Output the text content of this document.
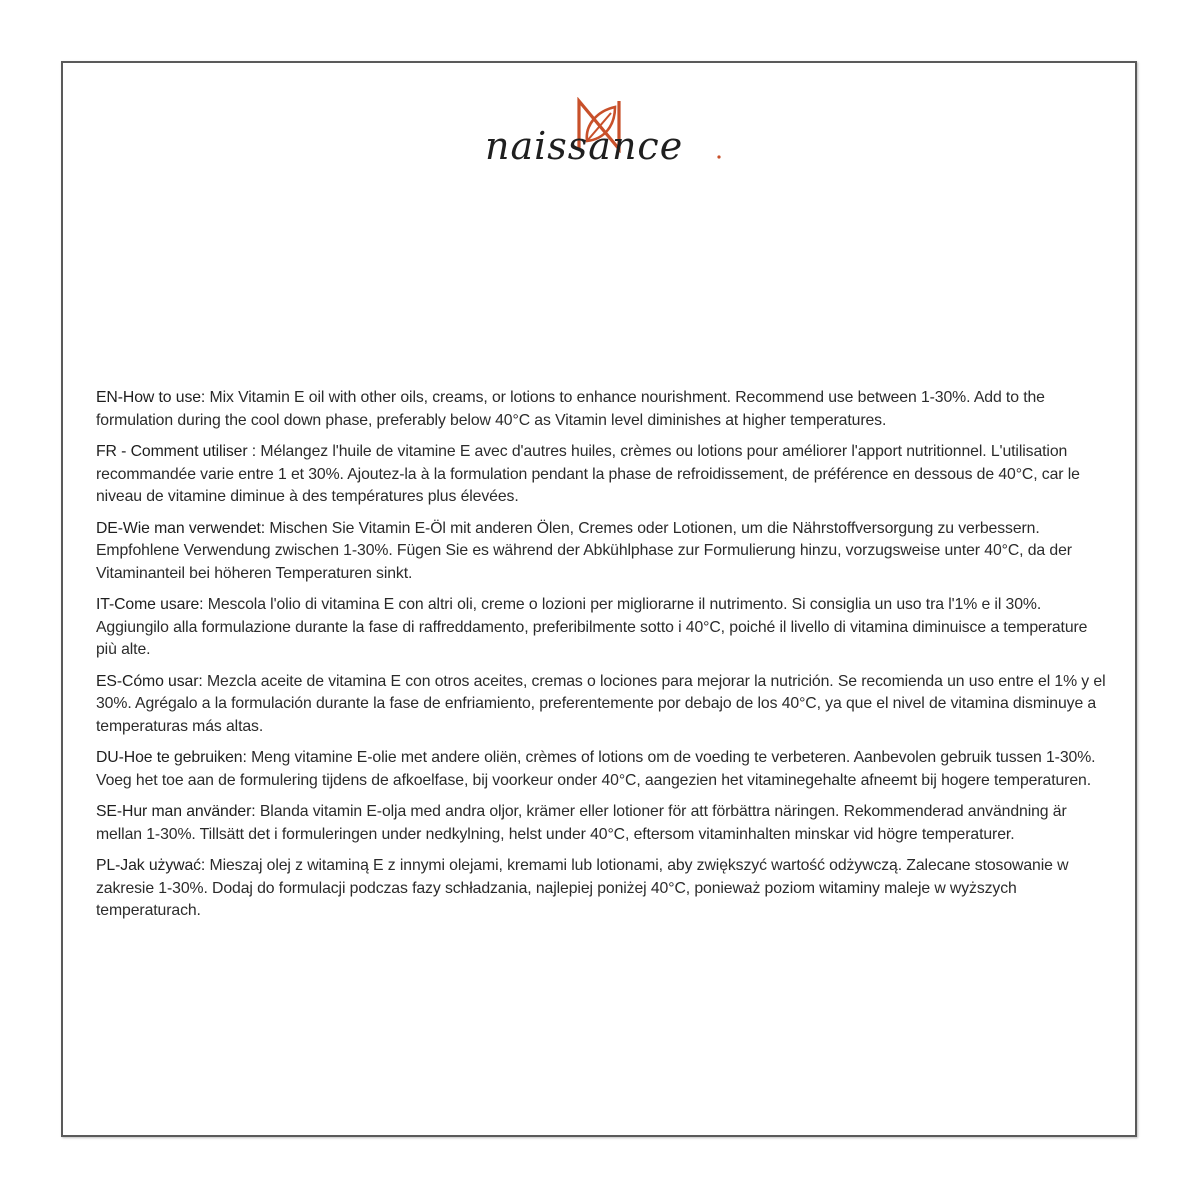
naissance

EN-How to use: Mix Vitamin E oil with other oils, creams, or lotions to enhance nourishment. Recommend use between 1-30%. Add to the formulation during the cool down phase, preferably below 40°C as Vitamin level diminishes at higher temperatures.

FR - Comment utiliser : Mélangez l'huile de vitamine E avec d'autres huiles, crèmes ou lotions pour améliorer l'apport nutritionnel. L'utilisation recommandée varie entre 1 et 30%. Ajoutez-la à la formulation pendant la phase de refroidissement, de préférence en dessous de 40°C, car le niveau de vitamine diminue à des températures plus élevées.

DE-Wie man verwendet: Mischen Sie Vitamin E-Öl mit anderen Ölen, Cremes oder Lotionen, um die Nährstoffversorgung zu verbessern. Empfohlene Verwendung zwischen 1-30%. Fügen Sie es während der Abkühlphase zur Formulierung hinzu, vorzugsweise unter 40°C, da der Vitaminanteil bei höheren Temperaturen sinkt.

IT-Come usare: Mescola l'olio di vitamina E con altri oli, creme o lozioni per migliorarne il nutrimento. Si consiglia un uso tra l'1% e il 30%. Aggiungilo alla formulazione durante la fase di raffreddamento, preferibilmente sotto i 40°C, poiché il livello di vitamina diminuisce a temperature più alte.

ES-Cómo usar: Mezcla aceite de vitamina E con otros aceites, cremas o lociones para mejorar la nutrición. Se recomienda un uso entre el 1% y el 30%. Agrégalo a la formulación durante la fase de enfriamiento, preferentemente por debajo de los 40°C, ya que el nivel de vitamina disminuye a temperaturas más altas.

DU-Hoe te gebruiken: Meng vitamine E-olie met andere oliën, crèmes of lotions om de voeding te verbeteren. Aanbevolen gebruik tussen 1-30%. Voeg het toe aan de formulering tijdens de afkoelfase, bij voorkeur onder 40°C, aangezien het vitaminegehalte afneemt bij hogere temperaturen.

SE-Hur man använder: Blanda vitamin E-olja med andra oljor, krämer eller lotioner för att förbättra näringen. Rekommenderad användning är mellan 1-30%. Tillsätt det i formuleringen under nedkylning, helst under 40°C, eftersom vitaminhalten minskar vid högre temperaturer.

PL-Jak używać: Mieszaj olej z witaminą E z innymi olejami, kremami lub lotionami, aby zwiększyć wartość odżywczą. Zalecane stosowanie w zakresie 1-30%. Dodaj do formulacji podczas fazy schładzania, najlepiej poniżej 40°C, ponieważ poziom witaminy maleje w wyższych temperaturach.
